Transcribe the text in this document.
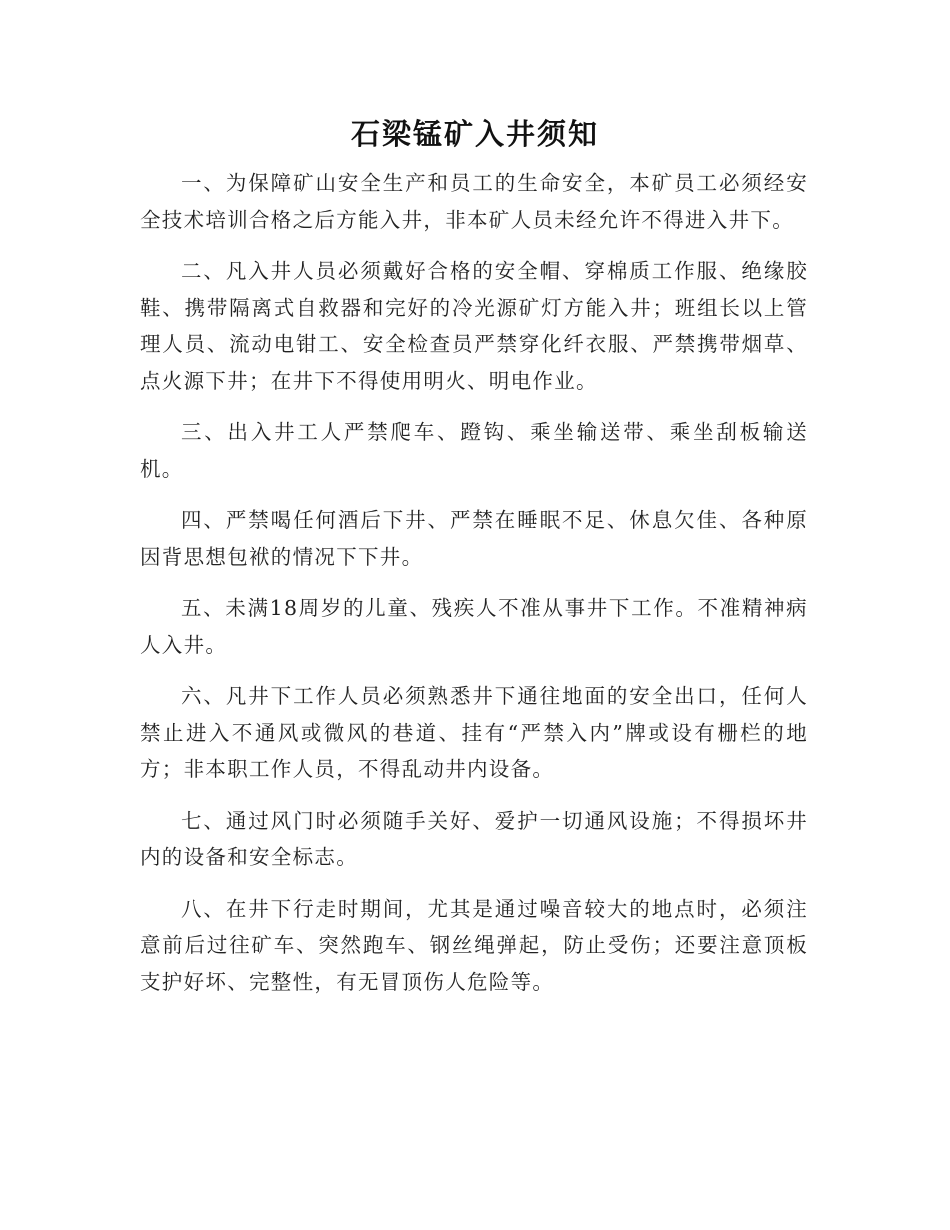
石梁锰矿入井须知

一、为保障矿山安全生产和员工的生命安全，本矿员工必须经安全技术培训合格之后方能入井，非本矿人员未经允许不得进入井下。

二、凡入井人员必须戴好合格的安全帽、穿棉质工作服、绝缘胶鞋、携带隔离式自救器和完好的冷光源矿灯方能入井；班组长以上管理人员、流动电钳工、安全检查员严禁穿化纤衣服、严禁携带烟草、点火源下井；在井下不得使用明火、明电作业。

三、出入井工人严禁爬车、蹬钩、乘坐输送带、乘坐刮板输送机。

四、严禁喝任何酒后下井、严禁在睡眠不足、休息欠佳、各种原因背思想包袱的情况下下井。

五、未满18周岁的儿童、残疾人不准从事井下工作。不准精神病人入井。

六、凡井下工作人员必须熟悉井下通往地面的安全出口，任何人禁止进入不通风或微风的巷道、挂有“严禁入内”牌或设有栅栏的地方；非本职工作人员，不得乱动井内设备。

七、通过风门时必须随手关好、爱护一切通风设施；不得损坏井内的设备和安全标志。

八、在井下行走时期间，尤其是通过噪音较大的地点时，必须注意前后过往矿车、突然跑车、钢丝绳弹起，防止受伤；还要注意顶板支护好坏、完整性，有无冒顶伤人危险等。
